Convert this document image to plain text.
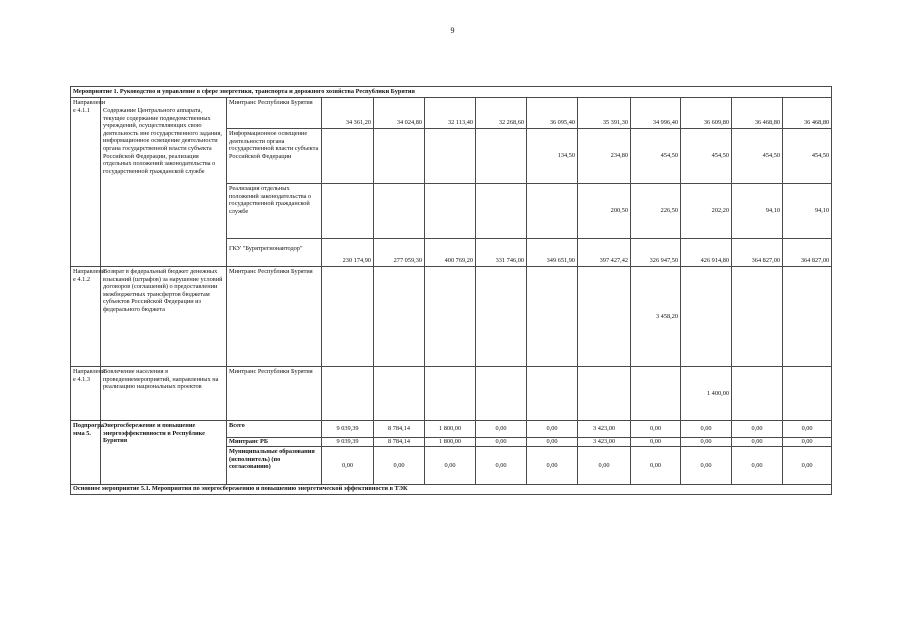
9
Мероприятие 1. Руководство и управление в сфере энергетики, транспорта и дорожного хозяйства Республики Бурятия												
Направлени е 4.1.1	Содержание Центрального аппарата, текущее содержание подведомственных учреждений, осуществляющих свою деятельность вне государственного задания, информационное освещение деятельности органа государственной власти субъекта Российской Федерации, реализация отдельных положений законодательства о государственной гражданской службе	Минтранс Республики Бурятия	34 361,20	34 024,80	32 113,40	32 268,60	36 095,40	35 391,30	34 996,40	36 609,80	36 468,80	36 468,80
		Информационное освещение деятельности органа государственной власти субъекта Российской Федерации					134,50	234,80	454,50	454,50	454,50	454,50
		Реализация отдельных положений законодательства о государственной гражданской службе						200,50	226,50	202,20	94,10	94,10
		ГКУ "Бурятрегионавтодор"	230 174,90	277 059,30	400 769,20	331 746,00	349 651,90	397 427,42	326 947,50	426 914,80	364 827,00	364 827,00
Направлени е 4.1.2	Возврат в федеральный бюджет денежных взысканий (штрафов) за нарушение условий договоров (соглашений) о предоставлении межбюджетных трансфертов бюджетам субъектов Российской Федерации из федерального бюджета	Минтранс Республики Бурятия							3 458,20			
Направлени е 4.1.3	Вовлечение населения в проведениемероприятий, направленных на реализацию национальных проектов	Минтранс Республики Бурятия								1 400,00		
Подпрогра мма 5.	Энергосбережение и повышение энергоэффективности в Республике Бурятия	Всего	9 039,39	8 784,14	1 800,00	0,00	0,00	3 423,00	0,00	0,00	0,00	0,00
		Минтранс РБ	9 039,39	8 784,14	1 800,00	0,00	0,00	3 423,00	0,00	0,00	0,00	0,00
		Муниципальные образования (исполнитель) (по согласованию)	0,00	0,00	0,00	0,00	0,00	0,00	0,00	0,00	0,00	0,00
Основное мероприятие 5.1. Мероприятия по энергосбережению и повышению энергетической эффективности в ТЭК												
